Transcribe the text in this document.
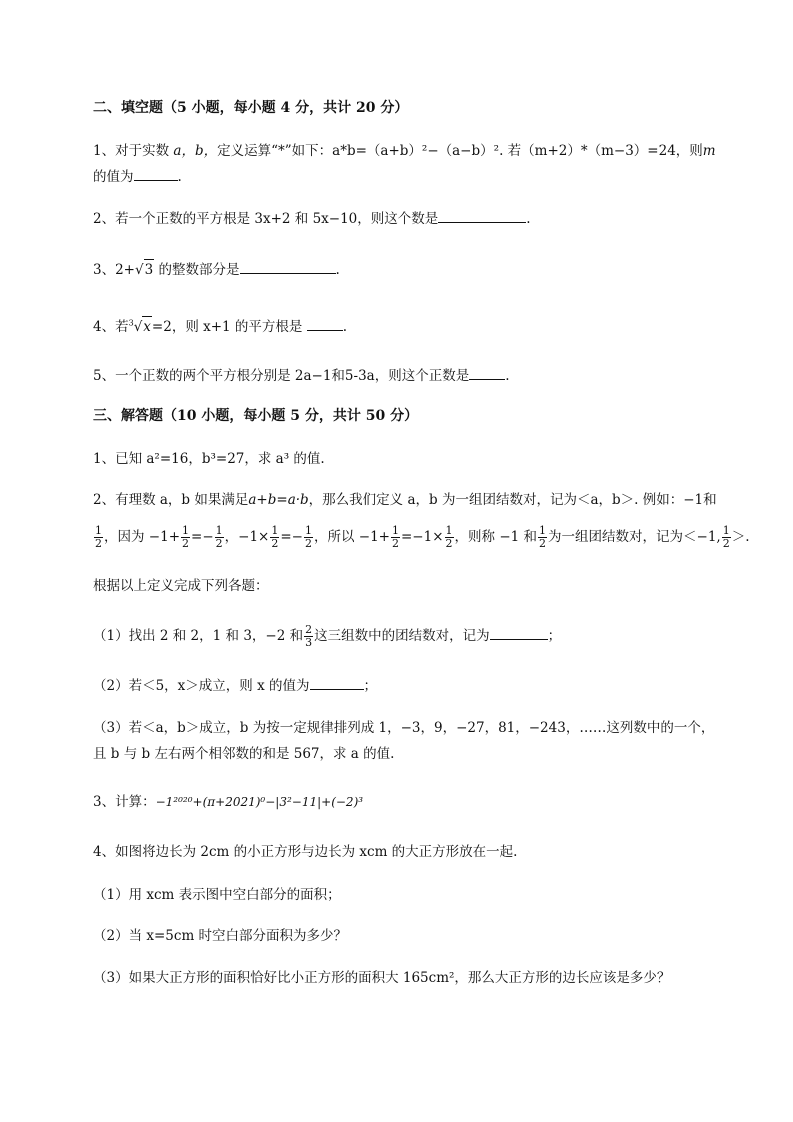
二、填空题（5 小题，每小题 4 分，共计 20 分）
1、对于实数 a，b，定义运算“*”如下：a*b=（a+b）²−（a−b）². 若（m+2）*（m−3）=24，则m
的值为	.
2、若一个正数的平方根是 3x+2 和 5x−10，则这个数是	.
3、2+√3 的整数部分是	.
4、若$^3$√x=2，则 x+1 的平方根是	.
5、一个正数的两个平方根分别是 2a−1和5-3a，则这个正数是	.
三、解答题（10 小题，每小题 5 分，共计 50 分）
1、已知 a²=16，b³=27，求 a³ 的值.
2、有理数 a，b 如果满足a+b=a·b，那么我们定义 a，b 为一组团结数对，记为＜a，b＞. 例如：−1和
$\frac{1}{2}$ ，因为 $-1+ \frac{1}{2} =- \frac{1}{2}$ ，$-1\times \frac{1}{2} =- \frac{1}{2}$ ，所以 $-1+ \frac{1}{2} =-1\times \frac{1}{2}$ ，则称 −1 和 $\frac{1}{2}$ 为一组团结数对，记为＜−1, $\frac{1}{2}$ ＞.
根据以上定义完成下列各题：
（1）找出 2 和 2，1 和 3，−2 和 $\frac{2}{3}$ 这三组数中的团结数对，记为	；
（2）若＜5，x＞成立，则 x 的值为	；
（3）若＜a，b＞成立，b 为按一定规律排列成 1，−3，9，−27，81，−243，……这列数中的一个，
且 b 与 b 左右两个相邻数的和是 567，求 a 的值.
3、计算：−1²⁰²⁰+(π+2021)⁰−|3²−11|+(−2)³
4、如图将边长为 2cm 的小正方形与边长为 xcm 的大正方形放在一起.
（1）用 xcm 表示图中空白部分的面积；
（2）当 x=5cm 时空白部分面积为多少？
（3）如果大正方形的面积恰好比小正方形的面积大 165cm²，那么大正方形的边长应该是多少？
